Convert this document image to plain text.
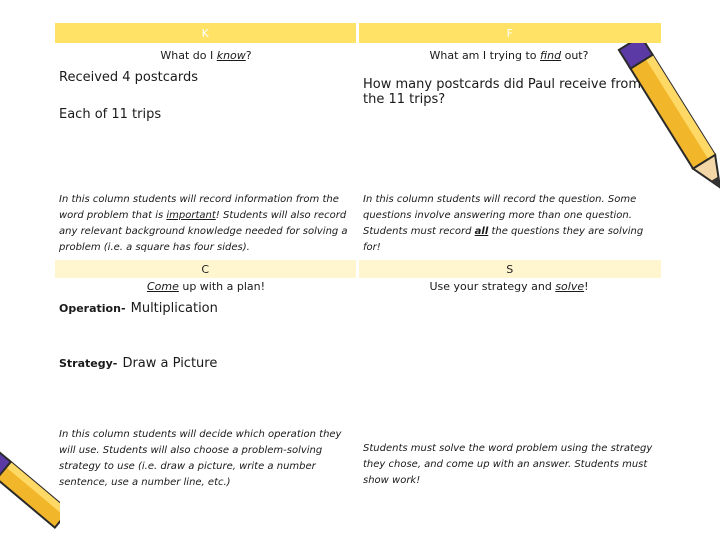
K	F
What do I know?	What am I trying to find out?

Received 4 postcards
Each of 11 trips	How many postcards did Paul receive from the 11 trips?

In this column students will record information from the word problem that is important! Students will also record any relevant background knowledge needed for solving a problem (i.e. a square has four sides).	In this column students will record the question. Some questions involve answering more than one question. Students must record all the questions they are solving for!
C	S
Come up with a plan!	Use your strategy and solve!

Operation- Multiplication
Strategy- Draw a Picture	

In this column students will decide which operation they will use. Students will also choose a problem-solving strategy to use (i.e. draw a picture, write a number sentence, use a number line, etc.)	Students must solve the word problem using the strategy they chose, and come up with an answer. Students must show work!
